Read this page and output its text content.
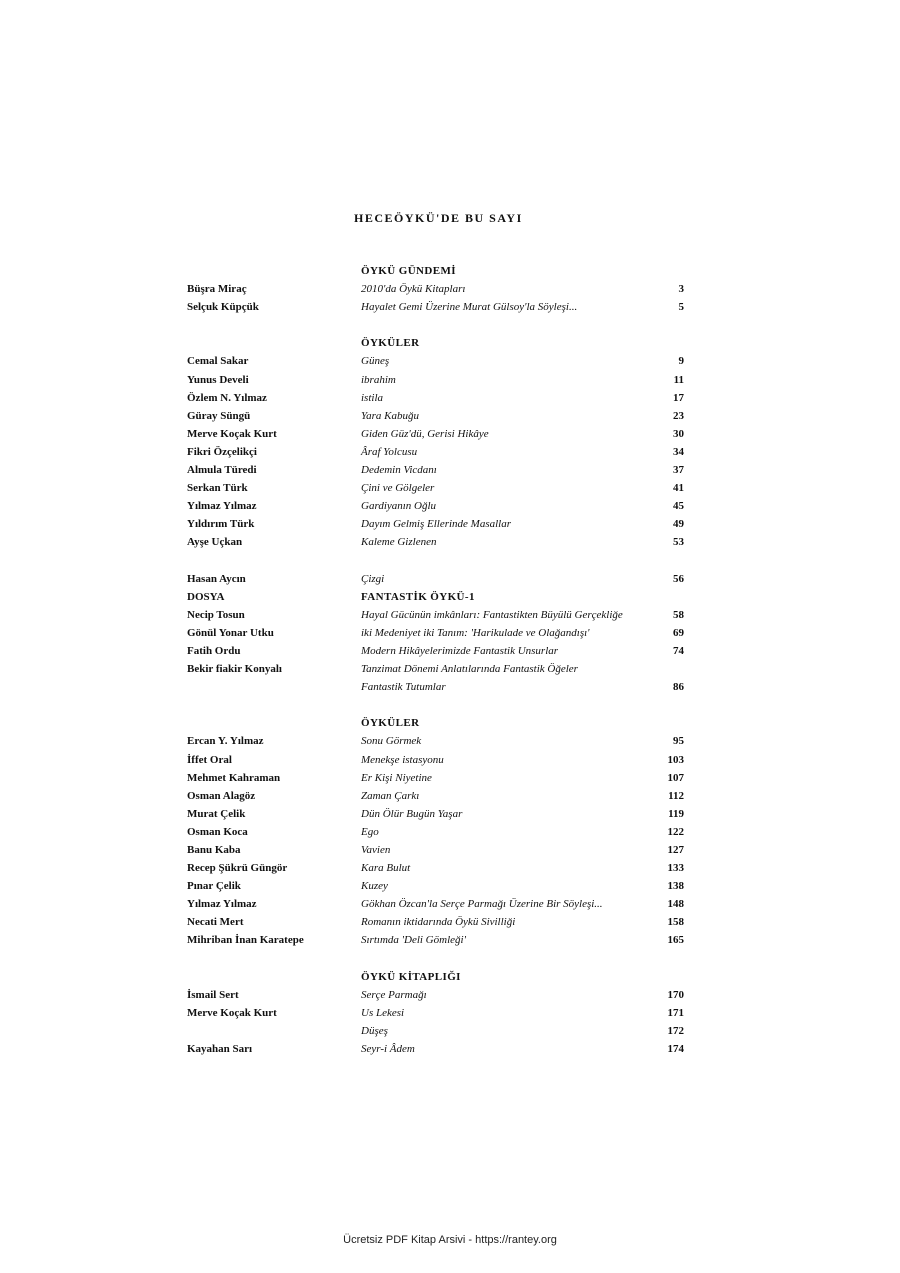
HECEÖYKÜ'DE BU SAYI
ÖYKÜ GÜNDEMİ
Büşra Miraç	2010'da Öykü Kitapları	3
Selçuk Küpçük	Hayalet Gemi Üzerine Murat Gülsoy'la Söyleşi...	5
ÖYKÜLER
Cemal Sakar	Güneş	9
Yunus Develi	ibrahim	11
Özlem N. Yılmaz	istila	17
Güray Süngü	Yara Kabuğu	23
Merve Koçak Kurt	Giden Güz'dü, Gerisi Hikâye	30
Fikri Özçelikçi	Âraf Yolcusu	34
Almula Türedi	Dedemin Vicdanı	37
Serkan Türk	Çini ve Gölgeler	41
Yılmaz Yılmaz	Gardiyanın Oğlu	45
Yıldırım Türk	Dayım Gelmiş Ellerinde Masallar	49
Ayşe Uçkan	Kaleme Gizlenen	53
Hasan Aycın	Çizgi	56
DOSYA	FANTASTİK ÖYKÜ-1
Necip Tosun	Hayal Gücünün imkânları: Fantastikten Büyülü Gerçekliğe	58
Gönül Yonar Utku	iki Medeniyet iki Tanım: 'Harikulade ve Olağandışı'	69
Fatih Ordu	Modern Hikâyelerimizde Fantastik Unsurlar	74
Bekir fiakir Konyalı	Tanzimat Dönemi Anlatılarında Fantastik Öğeler
Fantastik Tutumlar	86
ÖYKÜLER
Ercan Y. Yılmaz	Sonu Görmek	95
İffet Oral	Menekşe istasyonu	103
Mehmet Kahraman	Er Kişi Niyetine	107
Osman Alagöz	Zaman Çarkı	112
Murat Çelik	Dün Ölür Bugün Yaşar	119
Osman Koca	Ego	122
Banu Kaba	Vavien	127
Recep Şükrü Güngör	Kara Bulut	133
Pınar Çelik	Kuzey	138
Yılmaz Yılmaz	Gökhan Özcan'la Serçe Parmağı Üzerine Bir Söyleşi...	148
Necati Mert	Romanın iktidarında Öykü Sivilliği	158
Mihriban İnan Karatepe	Sırtımda 'Deli Gömleği'	165
ÖYKÜ KİTAPLIĞI
İsmail Sert	Serçe Parmağı	170
Merve Koçak Kurt	Us Lekesi	171
Düşeş	172
Kayahan Sarı	Seyr-i Âdem	174
Ücretsiz PDF Kitap Arsivi - https://rantey.org
